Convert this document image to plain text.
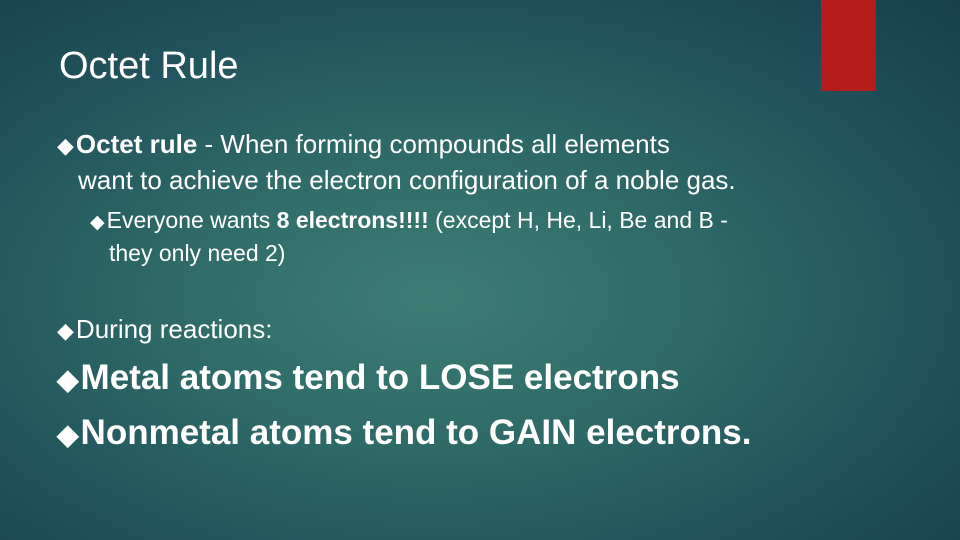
Octet Rule
◆Octet rule - When forming compounds all elements
want to achieve the electron configuration of a noble gas.
◆Everyone wants 8 electrons!!!! (except H, He, Li, Be and B -
they only need 2)
◆During reactions:
◆Metal atoms tend to LOSE electrons
◆Nonmetal atoms tend to GAIN electrons.
